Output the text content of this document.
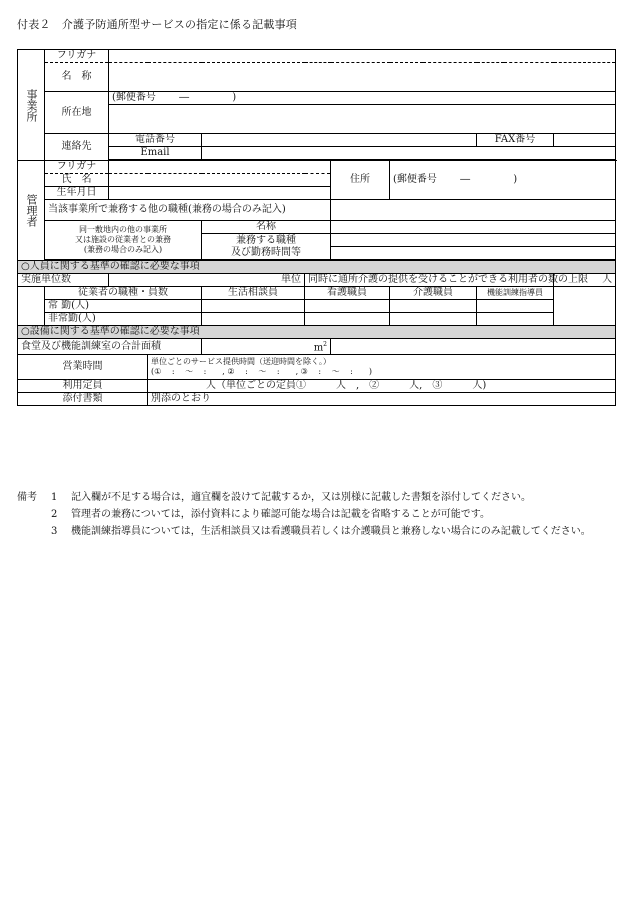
付表２　介護予防通所型サービスの指定に係る記載事項
事業所	フリガナ								
	名　称								
	所在地	(郵便番号　　 ―　　　　 )							

	連絡先	電話番号						FAX番号	
		Email							

管理者	フリガナ					住所	(郵便番号　　 ―　　　　 )		
	氏　名								
	生年月日								
	当該事業所で兼務する他の職種(兼務の場合のみ記入)								

	同一敷地内の他の事業所
又は施設の従業者との兼務
(兼務の場合のみ記入)			名称					
				兼務する職種
及び勤務時間等					

○人員に関する基準の確認に必要な事項									
実施単位数		単位			同時に通所介護の提供を受けることができる利用者の数の上限				人
	従業者の職種・員数			生活相談員	看護職員		介護職員	機能訓練指導員	
	常 勤(人)								
	非常勤(人)								
○設備に関する基準の確認に必要な事項									
食堂及び機能訓練室の合計面積				$m^2$	
営業時間			単位ごとのサービス提供時間（送迎時間を除く。）
(①　 :　 ～　 :　　, ②　 :　 ～　 :　　, ③　 :　 ～　 :　　)						

利用定員			人（単位ごとの定員①　　　人　,　②　　　人,　③　　　人)						
添付書類			別添のとおり						
備考	1	記入欄が不足する場合は，適宜欄を設けて記載するか，又は別様に記載した書類を添付してください。
2	管理者の兼務については，添付資料により確認可能な場合は記載を省略することが可能です。
3	機能訓練指導員については，生活相談員又は看護職員若しくは介護職員と兼務しない場合にのみ記載してください。
